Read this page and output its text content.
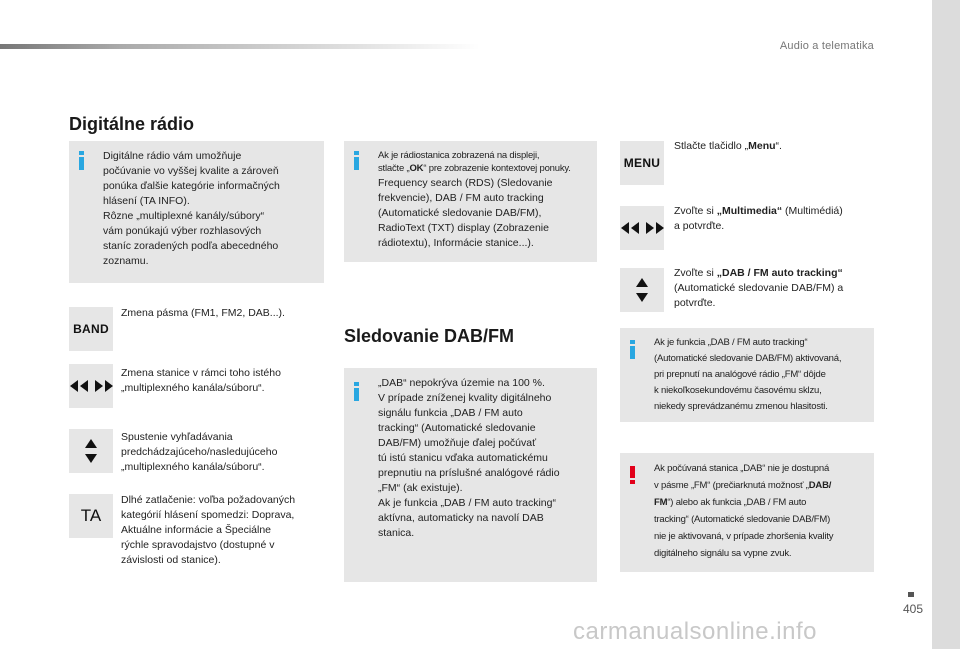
Audio a telematika
Digitálne rádio
Digitálne rádio vám umožňuje
počúvanie vo vyššej kvalite a zároveň
ponúka ďalšie kategórie informačných
hlásení (TA INFO).
Rôzne „multiplexné kanály/súbory“
vám ponúkajú výber rozhlasových
staníc zoradených podľa abecedného
zoznamu.
BAND
Zmena pásma (FM1, FM2, DAB...).
Zmena stanice v rámci toho istého
„multiplexného kanála/súboru“.
Spustenie vyhľadávania
predchádzajúceho/nasledujúceho
„multiplexného kanála/súboru“.
TA
Dlhé zatlačenie: voľba požadovaných
kategórií hlásení spomedzi: Doprava,
Aktuálne informácie a Špeciálne
rýchle spravodajstvo (dostupné v
závislosti od stanice).
Ak je rádiostanica zobrazená na displeji,
stlačte „OK“ pre zobrazenie kontextovej ponuky.
Frequency search (RDS) (Sledovanie
frekvencie), DAB / FM auto tracking
(Automatické sledovanie DAB/FM),
RadioText (TXT) display (Zobrazenie
rádiotextu), Informácie stanice...).
Sledovanie DAB/FM
„DAB“ nepokrýva územie na 100 %.
V prípade zníženej kvality digitálneho
signálu funkcia „DAB / FM auto
tracking“ (Automatické sledovanie
DAB/FM) umožňuje ďalej počúvať
tú istú stanicu vďaka automatickému
prepnutiu na príslušné analógové rádio
„FM“ (ak existuje).
Ak je funkcia „DAB / FM auto tracking“
aktívna, automaticky na navolí DAB
stanica.
MENU
Stlačte tlačidlo „Menu“.
Zvoľte si „Multimedia“ (Multimédiá)
a potvrďte.
Zvoľte si „DAB / FM auto tracking“
(Automatické sledovanie DAB/FM) a
potvrďte.
Ak je funkcia „DAB / FM auto tracking“
(Automatické sledovanie DAB/FM) aktivovaná,
pri prepnutí na analógové rádio „FM“ dôjde
k niekoľkosekundovému časovému sklzu,
niekedy sprevádzanému zmenou hlasitosti.
Ak počúvaná stanica „DAB“ nie je dostupná
v pásme „FM“ (prečiarknutá možnosť „DAB/
FM“) alebo ak funkcia „DAB / FM auto
tracking“ (Automatické sledovanie DAB/FM)
nie je aktivovaná, v prípade zhoršenia kvality
digitálneho signálu sa vypne zvuk.
405
carmanualsonline.info
